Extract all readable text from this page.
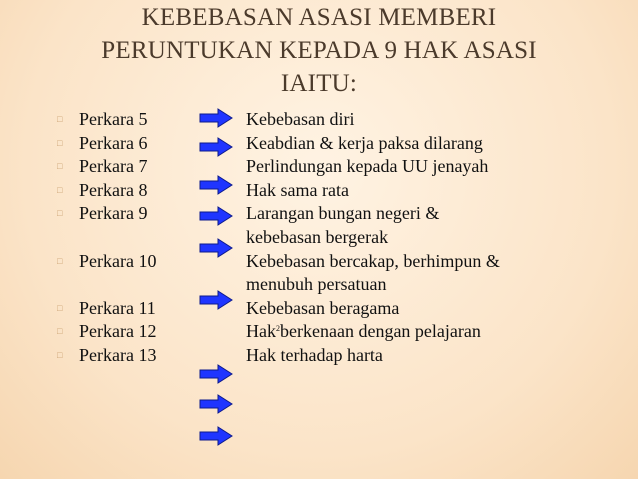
KEBEBASAN ASASI MEMBERI
PERUNTUKAN KEPADA 9 HAK ASASI
IAITU:
□ Perkara 5	Kebebasan diri
□ Perkara 6	Keabdian & kerja paksa dilarang
□ Perkara 7	Perlindungan kepada UU jenayah
□ Perkara 8	Hak sama rata
□ Perkara 9	Larangan bungan negeri &
kebebasan bergerak
□ Perkara 10	Kebebasan bercakap, berhimpun &
menubuh persatuan
□ Perkara 11	Kebebasan beragama
□ Perkara 12	Hak$^2$berkenaan dengan pelajaran
□ Perkara 13	Hak terhadap harta
